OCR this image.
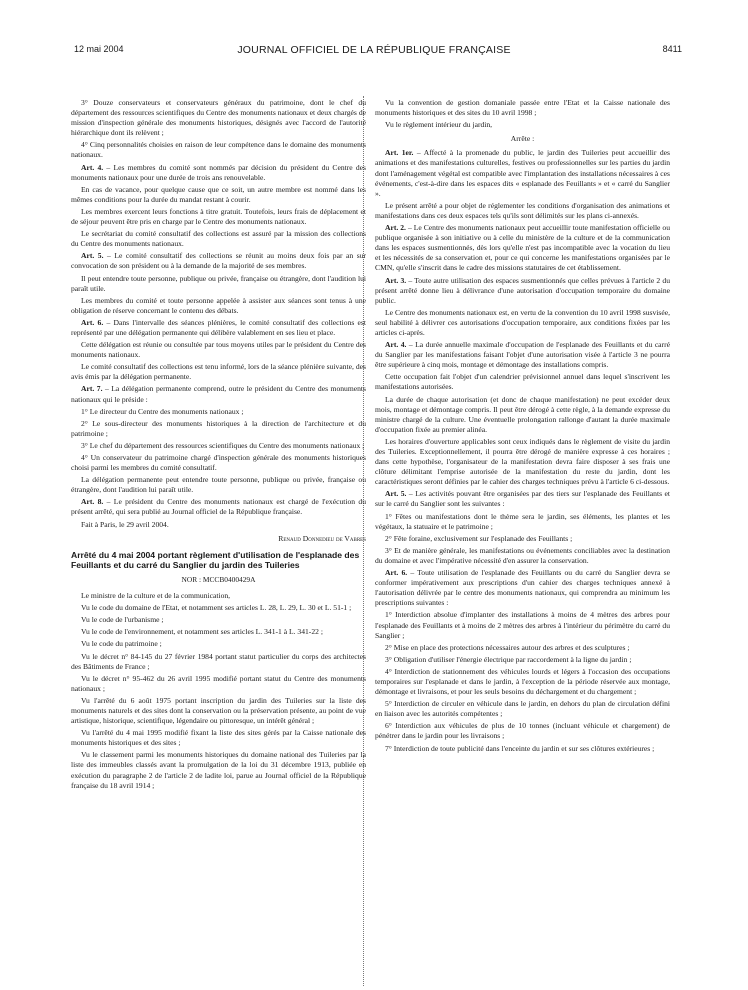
12 mai 2004	JOURNAL OFFICIEL DE LA RÉPUBLIQUE FRANÇAISE	8411

3° Douze conservateurs et conservateurs généraux du patrimoine, dont le chef du département des ressources scientifiques du Centre des monuments nationaux et deux chargés de mission d'inspection générale des monuments historiques, désignés avec l'accord de l'autorité hiérarchique dont ils relèvent ;

4° Cinq personnalités choisies en raison de leur compétence dans le domaine des monuments nationaux.

Art. 4. – Les membres du comité sont nommés par décision du président du Centre des monuments nationaux pour une durée de trois ans renouvelable.

En cas de vacance, pour quelque cause que ce soit, un autre membre est nommé dans les mêmes conditions pour la durée du mandat restant à courir.

Les membres exercent leurs fonctions à titre gratuit. Toutefois, leurs frais de déplacement et de séjour peuvent être pris en charge par le Centre des monuments nationaux.

Le secrétariat du comité consultatif des collections est assuré par la mission des collections du Centre des monuments nationaux.

Art. 5. – Le comité consultatif des collections se réunit au moins deux fois par an sur convocation de son président ou à la demande de la majorité de ses membres.

Il peut entendre toute personne, publique ou privée, française ou étrangère, dont l'audition lui paraît utile.

Les membres du comité et toute personne appelée à assister aux séances sont tenus à une obligation de réserve concernant le contenu des débats.

Art. 6. – Dans l'intervalle des séances plénières, le comité consultatif des collections est représenté par une délégation permanente qui délibère valablement en ses lieu et place.

Cette délégation est réunie ou consultée par tous moyens utiles par le président du Centre des monuments nationaux.

Le comité consultatif des collections est tenu informé, lors de la séance plénière suivante, des avis émis par la délégation permanente.

Art. 7. – La délégation permanente comprend, outre le président du Centre des monuments nationaux qui le préside :

1° Le directeur du Centre des monuments nationaux ;

2° Le sous-directeur des monuments historiques à la direction de l'architecture et du patrimoine ;

3° Le chef du département des ressources scientifiques du Centre des monuments nationaux ;

4° Un conservateur du patrimoine chargé d'inspection générale des monuments historiques choisi parmi les membres du comité consultatif.

La délégation permanente peut entendre toute personne, publique ou privée, française ou étrangère, dont l'audition lui paraît utile.

Art. 8. – Le président du Centre des monuments nationaux est chargé de l'exécution du présent arrêté, qui sera publié au Journal officiel de la République française.

Fait à Paris, le 29 avril 2004.

Renaud Donnedieu de Vabres

Arrêté du 4 mai 2004 portant règlement d'utilisation de l'esplanade des Feuillants et du carré du Sanglier du jardin des Tuileries

NOR : MCCB0400429A

Le ministre de la culture et de la communication,

Vu le code du domaine de l'Etat, et notamment ses articles L. 28, L. 29, L. 30 et L. 51-1 ;

Vu le code de l'urbanisme ;

Vu le code de l'environnement, et notamment ses articles L. 341-1 à L. 341-22 ;

Vu le code du patrimoine ;

Vu le décret n° 84-145 du 27 février 1984 portant statut particulier du corps des architectes des Bâtiments de France ;

Vu le décret n° 95-462 du 26 avril 1995 modifié portant statut du Centre des monuments nationaux ;

Vu l'arrêté du 6 août 1975 portant inscription du jardin des Tuileries sur la liste des monuments naturels et des sites dont la conservation ou la préservation présente, au point de vue artistique, historique, scientifique, légendaire ou pittoresque, un intérêt général ;

Vu l'arrêté du 4 mai 1995 modifié fixant la liste des sites gérés par la Caisse nationale des monuments historiques et des sites ;

Vu le classement parmi les monuments historiques du domaine national des Tuileries par la liste des immeubles classés avant la promulgation de la loi du 31 décembre 1913, publiée en exécution du paragraphe 2 de l'article 2 de ladite loi, parue au Journal officiel de la République française du 18 avril 1914 ;

Vu la convention de gestion domaniale passée entre l'Etat et la Caisse nationale des monuments historiques et des sites du 10 avril 1998 ;

Vu le règlement intérieur du jardin,

Arrête :

Art. 1er. – Affecté à la promenade du public, le jardin des Tuileries peut accueillir des animations et des manifestations culturelles, festives ou professionnelles sur les parties du jardin dont l'aménagement végétal est compatible avec l'implantation des installations nécessaires à ces événements, c'est-à-dire dans les espaces dits « esplanade des Feuillants » et « carré du Sanglier ».

Le présent arrêté a pour objet de réglementer les conditions d'organisation des animations et manifestations dans ces deux espaces tels qu'ils sont délimités sur les plans ci-annexés.

Art. 2. – Le Centre des monuments nationaux peut accueillir toute manifestation officielle ou publique organisée à son initiative ou à celle du ministère de la culture et de la communication dans les espaces susmentionnés, dès lors qu'elle n'est pas incompatible avec la vocation du lieu et les nécessités de sa conservation et, pour ce qui concerne les manifestations organisées par le CMN, qu'elle s'inscrit dans le cadre des missions statutaires de cet établissement.

Art. 3. – Toute autre utilisation des espaces susmentionnés que celles prévues à l'article 2 du présent arrêté donne lieu à délivrance d'une autorisation d'occupation temporaire du domaine public.

Le Centre des monuments nationaux est, en vertu de la convention du 10 avril 1998 susvisée, seul habilité à délivrer ces autorisations d'occupation temporaire, aux conditions fixées par les articles ci-après.

Art. 4. – La durée annuelle maximale d'occupation de l'esplanade des Feuillants et du carré du Sanglier par les manifestations faisant l'objet d'une autorisation visée à l'article 3 ne pourra être supérieure à cinq mois, montage et démontage des installations compris.

Cette occupation fait l'objet d'un calendrier prévisionnel annuel dans lequel s'inscrivent les manifestations autorisées.

La durée de chaque autorisation (et donc de chaque manifestation) ne peut excéder deux mois, montage et démontage compris. Il peut être dérogé à cette règle, à la demande expresse du ministre chargé de la culture. Une éventuelle prolongation rallonge d'autant la durée maximale d'occupation fixée au premier alinéa.

Les horaires d'ouverture applicables sont ceux indiqués dans le règlement de visite du jardin des Tuileries. Exceptionnellement, il pourra être dérogé de manière expresse à ces horaires ; dans cette hypothèse, l'organisateur de la manifestation devra faire disposer à ses frais une clôture délimitant l'emprise autorisée de la manifestation du reste du jardin, dont les caractéristiques seront définies par le cahier des charges techniques prévu à l'article 6 ci-dessous.

Art. 5. – Les activités pouvant être organisées par des tiers sur l'esplanade des Feuillants et sur le carré du Sanglier sont les suivantes :

1° Fêtes ou manifestations dont le thème sera le jardin, ses éléments, les plantes et les végétaux, la statuaire et le patrimoine ;

2° Fête foraine, exclusivement sur l'esplanade des Feuillants ;

3° Et de manière générale, les manifestations ou événements conciliables avec la destination du domaine et avec l'impérative nécessité d'en assurer la conservation.

Art. 6. – Toute utilisation de l'esplanade des Feuillants ou du carré du Sanglier devra se conformer impérativement aux prescriptions d'un cahier des charges techniques annexé à l'autorisation délivrée par le centre des monuments nationaux, qui comprendra au minimum les prescriptions suivantes :

1° Interdiction absolue d'implanter des installations à moins de 4 mètres des arbres pour l'esplanade des Feuillants et à moins de 2 mètres des arbres à l'intérieur du périmètre du carré du Sanglier ;

2° Mise en place des protections nécessaires autour des arbres et des sculptures ;

3° Obligation d'utiliser l'énergie électrique par raccordement à la ligne du jardin ;

4° Interdiction de stationnement des véhicules lourds et légers à l'occasion des occupations temporaires sur l'esplanade et dans le jardin, à l'exception de la période réservée aux montage, démontage et livraisons, et pour les seuls besoins du déchargement et du chargement ;

5° Interdiction de circuler en véhicule dans le jardin, en dehors du plan de circulation défini en liaison avec les autorités compétentes ;

6° Interdiction aux véhicules de plus de 10 tonnes (incluant véhicule et chargement) de pénétrer dans le jardin pour les livraisons ;

7° Interdiction de toute publicité dans l'enceinte du jardin et sur ses clôtures extérieures ;
